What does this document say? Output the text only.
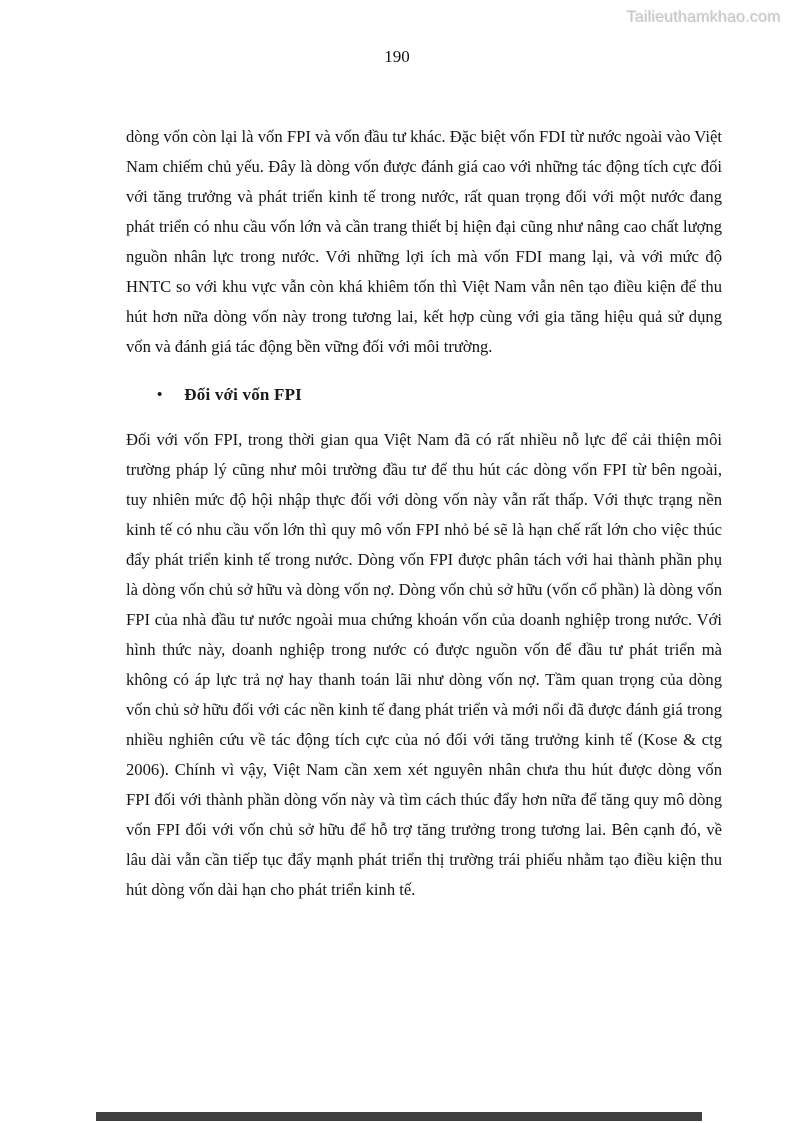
Tailieuthamkhao.com
190

dòng vốn còn lại là vốn FPI và vốn đầu tư khác. Đặc biệt vốn FDI từ nước ngoài vào Việt Nam chiếm chủ yếu. Đây là dòng vốn được đánh giá cao với những tác động tích cực đối với tăng trưởng và phát triển kinh tế trong nước, rất quan trọng đối với một nước đang phát triển có nhu cầu vốn lớn và cần trang thiết bị hiện đại cũng như nâng cao chất lượng nguồn nhân lực trong nước. Với những lợi ích mà vốn FDI mang lại, và với mức độ HNTC so với khu vực vẫn còn khá khiêm tốn thì Việt Nam vẫn nên tạo điều kiện để thu hút hơn nữa dòng vốn này trong tương lai, kết hợp cùng với gia tăng hiệu quả sử dụng vốn và đánh giá tác động bền vững đối với môi trường.

• Đối với vốn FPI

Đối với vốn FPI, trong thời gian qua Việt Nam đã có rất nhiều nỗ lực để cải thiện môi trường pháp lý cũng như môi trường đầu tư để thu hút các dòng vốn FPI từ bên ngoài, tuy nhiên mức độ hội nhập thực đối với dòng vốn này vẫn rất thấp. Với thực trạng nền kinh tế có nhu cầu vốn lớn thì quy mô vốn FPI nhỏ bé sẽ là hạn chế rất lớn cho việc thúc đẩy phát triển kinh tế trong nước. Dòng vốn FPI được phân tách với hai thành phần phụ là dòng vốn chủ sở hữu và dòng vốn nợ. Dòng vốn chủ sở hữu (vốn cổ phần) là dòng vốn FPI của nhà đầu tư nước ngoài mua chứng khoán vốn của doanh nghiệp trong nước. Với hình thức này, doanh nghiệp trong nước có được nguồn vốn để đầu tư phát triển mà không có áp lực trả nợ hay thanh toán lãi như dòng vốn nợ. Tầm quan trọng của dòng vốn chủ sở hữu đối với các nền kinh tế đang phát triển và mới nổi đã được đánh giá trong nhiều nghiên cứu về tác động tích cực của nó đối với tăng trưởng kinh tế (Kose & ctg 2006). Chính vì vậy, Việt Nam cần xem xét nguyên nhân chưa thu hút được dòng vốn FPI đối với thành phần dòng vốn này và tìm cách thúc đẩy hơn nữa để tăng quy mô dòng vốn FPI đối với vốn chủ sở hữu để hỗ trợ tăng trưởng trong tương lai. Bên cạnh đó, về lâu dài vẫn cần tiếp tục đẩy mạnh phát triển thị trường trái phiếu nhằm tạo điều kiện thu hút dòng vốn dài hạn cho phát triển kinh tế.
